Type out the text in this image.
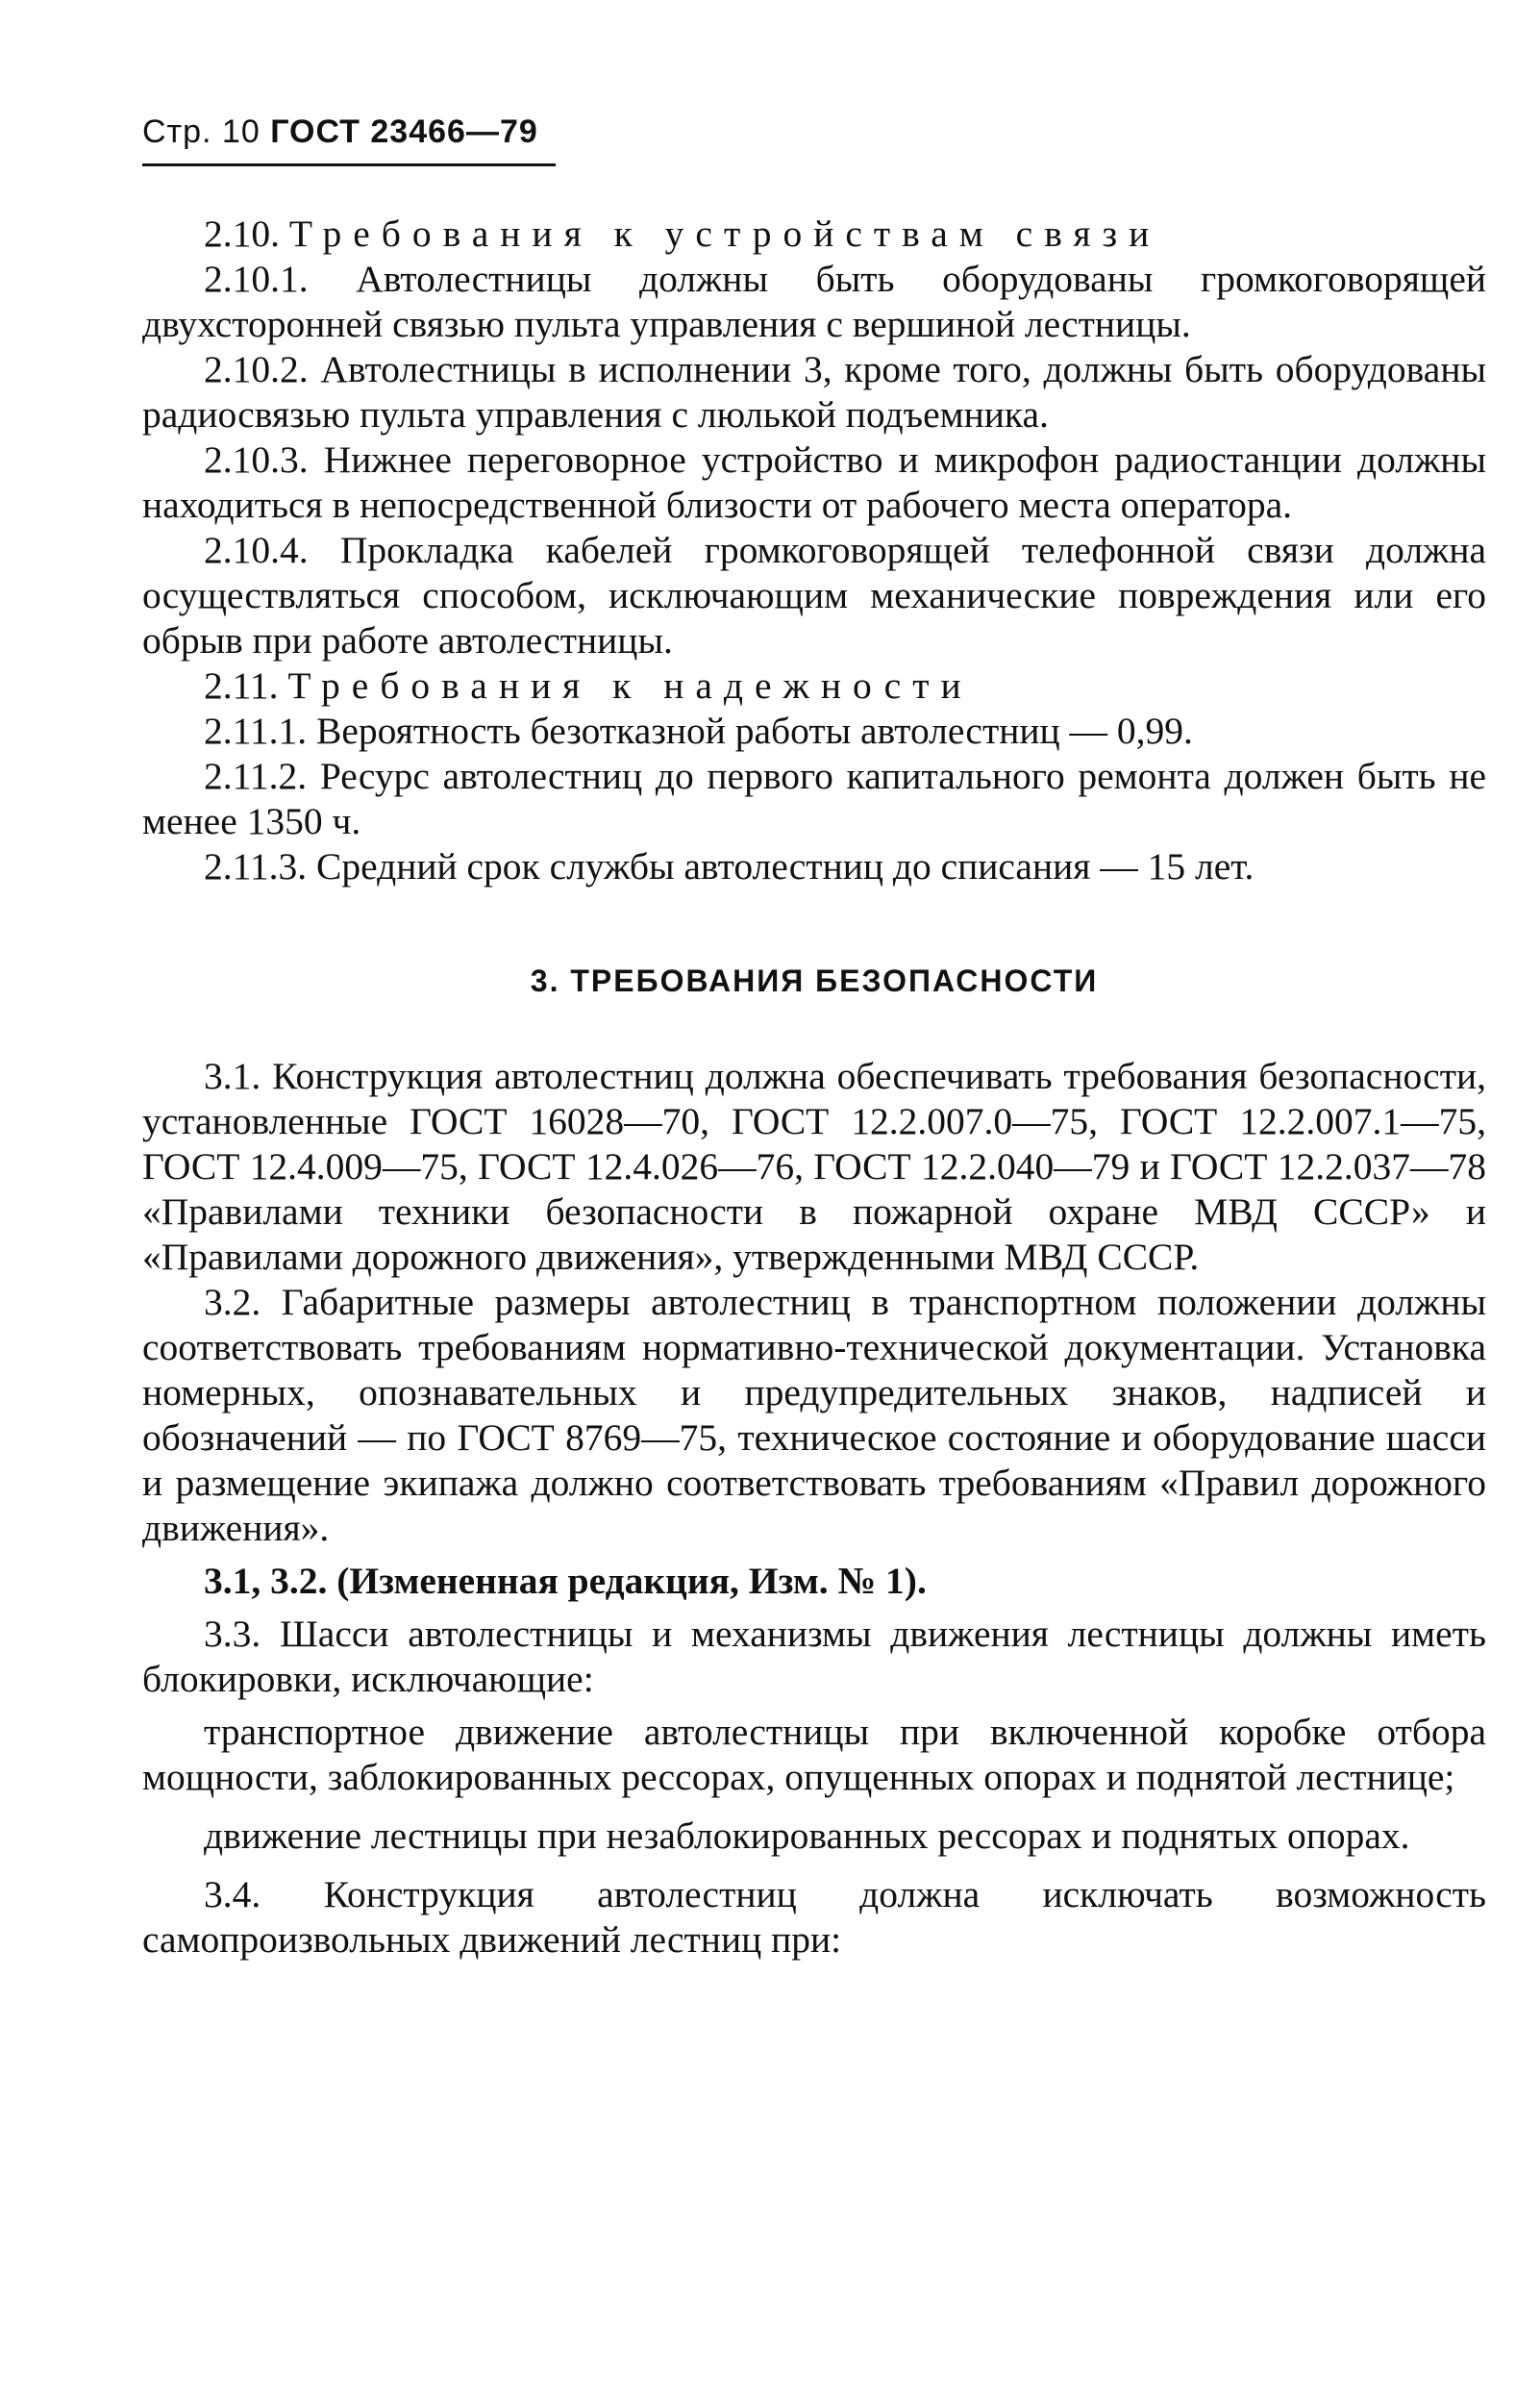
Стр. 10 ГОСТ 23466—79

2.10. Требования к устройствам связи

2.10.1. Автолестницы должны быть оборудованы громкоговорящей двухсторонней связью пульта управления с вершиной лестницы.

2.10.2. Автолестницы в исполнении 3, кроме того, должны быть оборудованы радиосвязью пульта управления с люлькой подъемника.

2.10.3. Нижнее переговорное устройство и микрофон радиостанции должны находиться в непосредственной близости от рабочего места оператора.

2.10.4. Прокладка кабелей громкоговорящей телефонной связи должна осуществляться способом, исключающим механические повреждения или его обрыв при работе автолестницы.

2.11. Требования к надежности

2.11.1. Вероятность безотказной работы автолестниц — 0,99.

2.11.2. Ресурс автолестниц до первого капитального ремонта должен быть не менее 1350 ч.

2.11.3. Средний срок службы автолестниц до списания — 15 лет.

3. ТРЕБОВАНИЯ БЕЗОПАСНОСТИ

3.1. Конструкция автолестниц должна обеспечивать требования безопасности, установленные ГОСТ 16028—70, ГОСТ 12.2.007.0—75, ГОСТ 12.2.007.1—75, ГОСТ 12.4.009—75, ГОСТ 12.4.026—76, ГОСТ 12.2.040—79 и ГОСТ 12.2.037—78 «Правилами техники безопасности в пожарной охране МВД СССР» и «Правилами дорожного движения», утвержденными МВД СССР.

3.2. Габаритные размеры автолестниц в транспортном положении должны соответствовать требованиям нормативно-технической документации. Установка номерных, опознавательных и предупредительных знаков, надписей и обозначений — по ГОСТ 8769—75, техническое состояние и оборудование шасси и размещение экипажа должно соответствовать требованиям «Правил дорожного движения».

3.1, 3.2. (Измененная редакция, Изм. № 1).

3.3. Шасси автолестницы и механизмы движения лестницы должны иметь блокировки, исключающие:

транспортное движение автолестницы при включенной коробке отбора мощности, заблокированных рессорах, опущенных опорах и поднятой лестнице;

движение лестницы при незаблокированных рессорах и поднятых опорах.

3.4. Конструкция автолестниц должна исключать возможность самопроизвольных движений лестниц при:
